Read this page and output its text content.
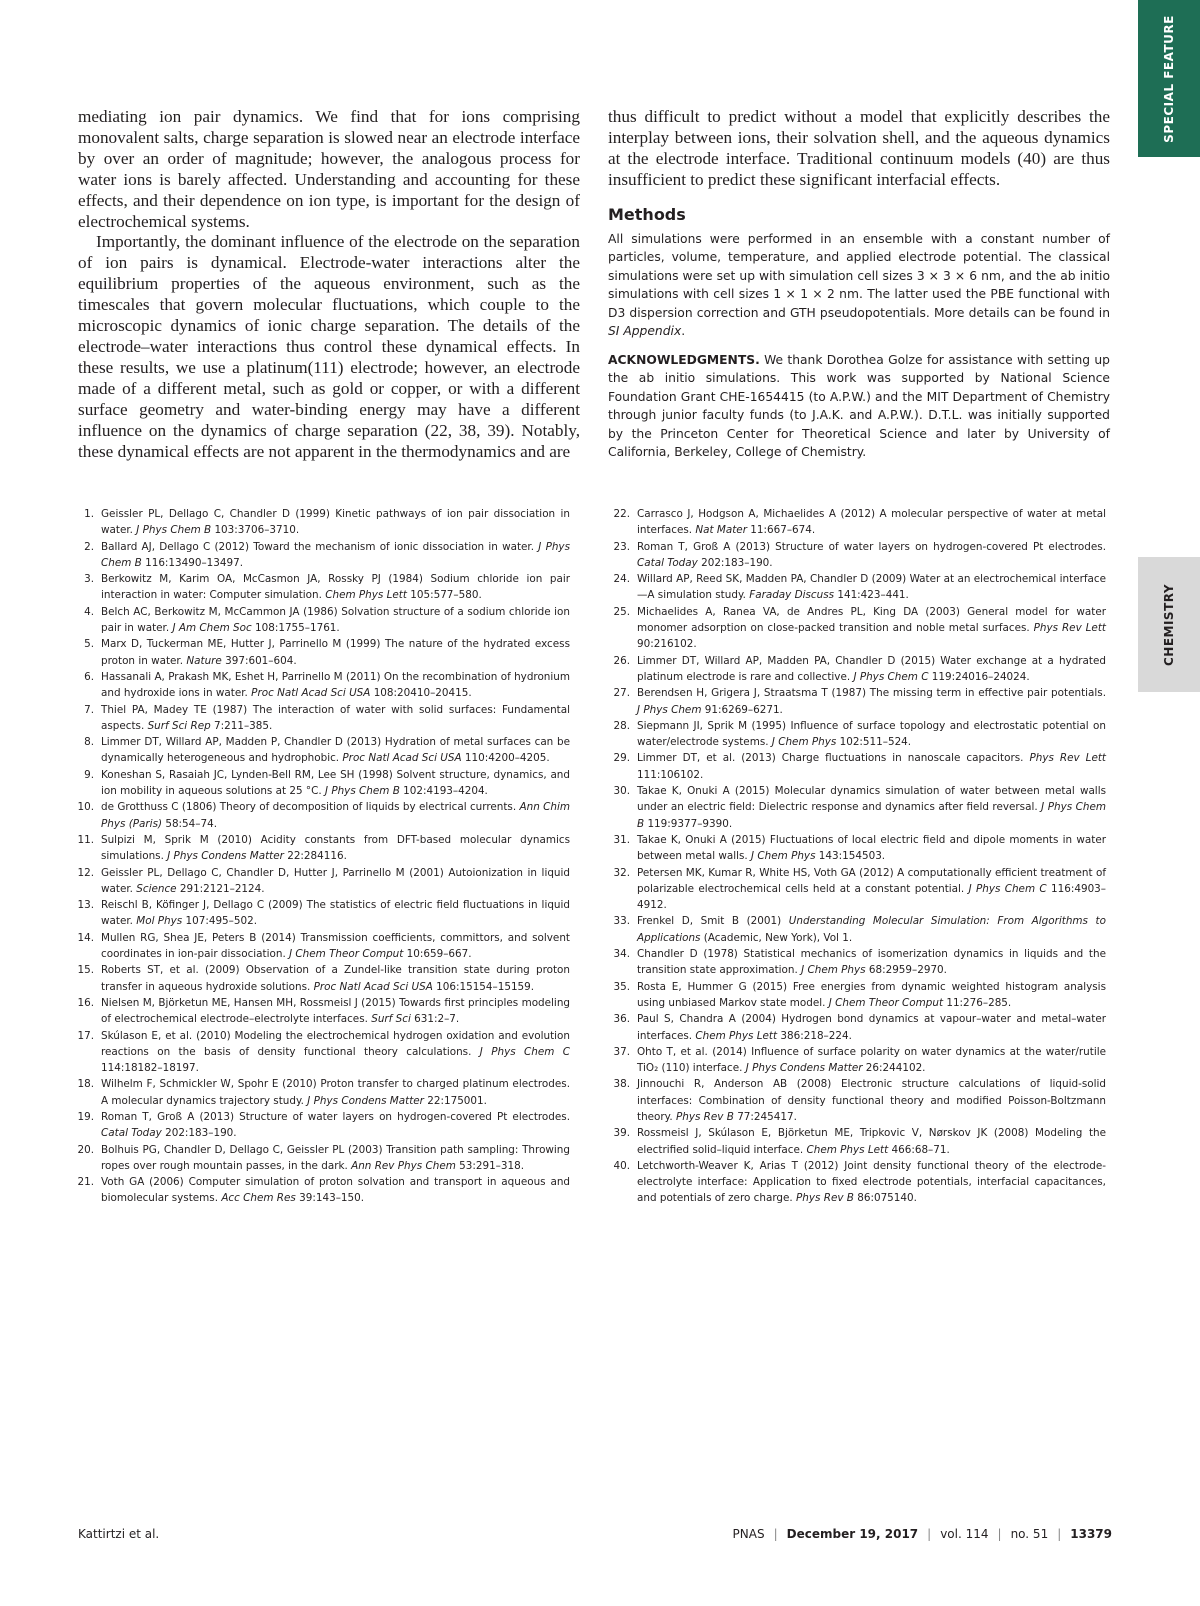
SPECIAL FEATURE
CHEMISTRY

mediating ion pair dynamics. We find that for ions comprising monovalent salts, charge separation is slowed near an electrode interface by over an order of magnitude; however, the analogous process for water ions is barely affected. Understanding and accounting for these effects, and their dependence on ion type, is important for the design of electrochemical systems.

Importantly, the dominant influence of the electrode on the separation of ion pairs is dynamical. Electrode-water interactions alter the equilibrium properties of the aqueous environment, such as the timescales that govern molecular fluctuations, which couple to the microscopic dynamics of ionic charge separation. The details of the electrode–water interactions thus control these dynamical effects. In these results, we use a platinum(111) electrode; however, an electrode made of a different metal, such as gold or copper, or with a different surface geometry and water-binding energy may have a different influence on the dynamics of charge separation (22, 38, 39). Notably, these dynamical effects are not apparent in the thermodynamics and are

thus difficult to predict without a model that explicitly describes the interplay between ions, their solvation shell, and the aqueous dynamics at the electrode interface. Traditional continuum models (40) are thus insufficient to predict these significant interfacial effects.

Methods

All simulations were performed in an ensemble with a constant number of particles, volume, temperature, and applied electrode potential. The classical simulations were set up with simulation cell sizes 3 × 3 × 6 nm, and the ab initio simulations with cell sizes 1 × 1 × 2 nm. The latter used the PBE functional with D3 dispersion correction and GTH pseudopotentials. More details can be found in SI Appendix.

ACKNOWLEDGMENTS. We thank Dorothea Golze for assistance with setting up the ab initio simulations. This work was supported by National Science Foundation Grant CHE-1654415 (to A.P.W.) and the MIT Department of Chemistry through junior faculty funds (to J.A.K. and A.P.W.). D.T.L. was initially supported by the Princeton Center for Theoretical Science and later by University of California, Berkeley, College of Chemistry.

1. Geissler PL, Dellago C, Chandler D (1999) Kinetic pathways of ion pair dissociation in water. J Phys Chem B 103:3706–3710.
2. Ballard AJ, Dellago C (2012) Toward the mechanism of ionic dissociation in water. J Phys Chem B 116:13490–13497.
3. Berkowitz M, Karim OA, McCasmon JA, Rossky PJ (1984) Sodium chloride ion pair interaction in water: Computer simulation. Chem Phys Lett 105:577–580.
4. Belch AC, Berkowitz M, McCammon JA (1986) Solvation structure of a sodium chloride ion pair in water. J Am Chem Soc 108:1755–1761.
5. Marx D, Tuckerman ME, Hutter J, Parrinello M (1999) The nature of the hydrated excess proton in water. Nature 397:601–604.
6. Hassanali A, Prakash MK, Eshet H, Parrinello M (2011) On the recombination of hydronium and hydroxide ions in water. Proc Natl Acad Sci USA 108:20410–20415.
7. Thiel PA, Madey TE (1987) The interaction of water with solid surfaces: Fundamental aspects. Surf Sci Rep 7:211–385.
8. Limmer DT, Willard AP, Madden P, Chandler D (2013) Hydration of metal surfaces can be dynamically heterogeneous and hydrophobic. Proc Natl Acad Sci USA 110:4200–4205.
9. Koneshan S, Rasaiah JC, Lynden-Bell RM, Lee SH (1998) Solvent structure, dynamics, and ion mobility in aqueous solutions at 25 °C. J Phys Chem B 102:4193–4204.
10. de Grotthuss C (1806) Theory of decomposition of liquids by electrical currents. Ann Chim Phys (Paris) 58:54–74.
11. Sulpizi M, Sprik M (2010) Acidity constants from DFT-based molecular dynamics simulations. J Phys Condens Matter 22:284116.
12. Geissler PL, Dellago C, Chandler D, Hutter J, Parrinello M (2001) Autoionization in liquid water. Science 291:2121–2124.
13. Reischl B, Köfinger J, Dellago C (2009) The statistics of electric field fluctuations in liquid water. Mol Phys 107:495–502.
14. Mullen RG, Shea JE, Peters B (2014) Transmission coefficients, committors, and solvent coordinates in ion-pair dissociation. J Chem Theor Comput 10:659–667.
15. Roberts ST, et al. (2009) Observation of a Zundel-like transition state during proton transfer in aqueous hydroxide solutions. Proc Natl Acad Sci USA 106:15154–15159.
16. Nielsen M, Björketun ME, Hansen MH, Rossmeisl J (2015) Towards first principles modeling of electrochemical electrode–electrolyte interfaces. Surf Sci 631:2–7.
17. Skúlason E, et al. (2010) Modeling the electrochemical hydrogen oxidation and evolution reactions on the basis of density functional theory calculations. J Phys Chem C 114:18182–18197.
18. Wilhelm F, Schmickler W, Spohr E (2010) Proton transfer to charged platinum electrodes. A molecular dynamics trajectory study. J Phys Condens Matter 22:175001.
19. Roman T, Groß A (2013) Structure of water layers on hydrogen-covered Pt electrodes. Catal Today 202:183–190.
20. Bolhuis PG, Chandler D, Dellago C, Geissler PL (2003) Transition path sampling: Throwing ropes over rough mountain passes, in the dark. Ann Rev Phys Chem 53:291–318.
21. Voth GA (2006) Computer simulation of proton solvation and transport in aqueous and biomolecular systems. Acc Chem Res 39:143–150.
22. Carrasco J, Hodgson A, Michaelides A (2012) A molecular perspective of water at metal interfaces. Nat Mater 11:667–674.
23. Roman T, Groß A (2013) Structure of water layers on hydrogen-covered Pt electrodes. Catal Today 202:183–190.
24. Willard AP, Reed SK, Madden PA, Chandler D (2009) Water at an electrochemical interface—A simulation study. Faraday Discuss 141:423–441.
25. Michaelides A, Ranea VA, de Andres PL, King DA (2003) General model for water monomer adsorption on close-packed transition and noble metal surfaces. Phys Rev Lett 90:216102.
26. Limmer DT, Willard AP, Madden PA, Chandler D (2015) Water exchange at a hydrated platinum electrode is rare and collective. J Phys Chem C 119:24016–24024.
27. Berendsen H, Grigera J, Straatsma T (1987) The missing term in effective pair potentials. J Phys Chem 91:6269–6271.
28. Siepmann JI, Sprik M (1995) Influence of surface topology and electrostatic potential on water/electrode systems. J Chem Phys 102:511–524.
29. Limmer DT, et al. (2013) Charge fluctuations in nanoscale capacitors. Phys Rev Lett 111:106102.
30. Takae K, Onuki A (2015) Molecular dynamics simulation of water between metal walls under an electric field: Dielectric response and dynamics after field reversal. J Phys Chem B 119:9377–9390.
31. Takae K, Onuki A (2015) Fluctuations of local electric field and dipole moments in water between metal walls. J Chem Phys 143:154503.
32. Petersen MK, Kumar R, White HS, Voth GA (2012) A computationally efficient treatment of polarizable electrochemical cells held at a constant potential. J Phys Chem C 116:4903–4912.
33. Frenkel D, Smit B (2001) Understanding Molecular Simulation: From Algorithms to Applications (Academic, New York), Vol 1.
34. Chandler D (1978) Statistical mechanics of isomerization dynamics in liquids and the transition state approximation. J Chem Phys 68:2959–2970.
35. Rosta E, Hummer G (2015) Free energies from dynamic weighted histogram analysis using unbiased Markov state model. J Chem Theor Comput 11:276–285.
36. Paul S, Chandra A (2004) Hydrogen bond dynamics at vapour–water and metal–water interfaces. Chem Phys Lett 386:218–224.
37. Ohto T, et al. (2014) Influence of surface polarity on water dynamics at the water/rutile TiO₂ (110) interface. J Phys Condens Matter 26:244102.
38. Jinnouchi R, Anderson AB (2008) Electronic structure calculations of liquid-solid interfaces: Combination of density functional theory and modified Poisson-Boltzmann theory. Phys Rev B 77:245417.
39. Rossmeisl J, Skúlason E, Björketun ME, Tripkovic V, Nørskov JK (2008) Modeling the electrified solid–liquid interface. Chem Phys Lett 466:68–71.
40. Letchworth-Weaver K, Arias T (2012) Joint density functional theory of the electrode-electrolyte interface: Application to fixed electrode potentials, interfacial capacitances, and potentials of zero charge. Phys Rev B 86:075140.
Kattirtzi et al.	PNAS | December 19, 2017 | vol. 114 | no. 51 | 13379
